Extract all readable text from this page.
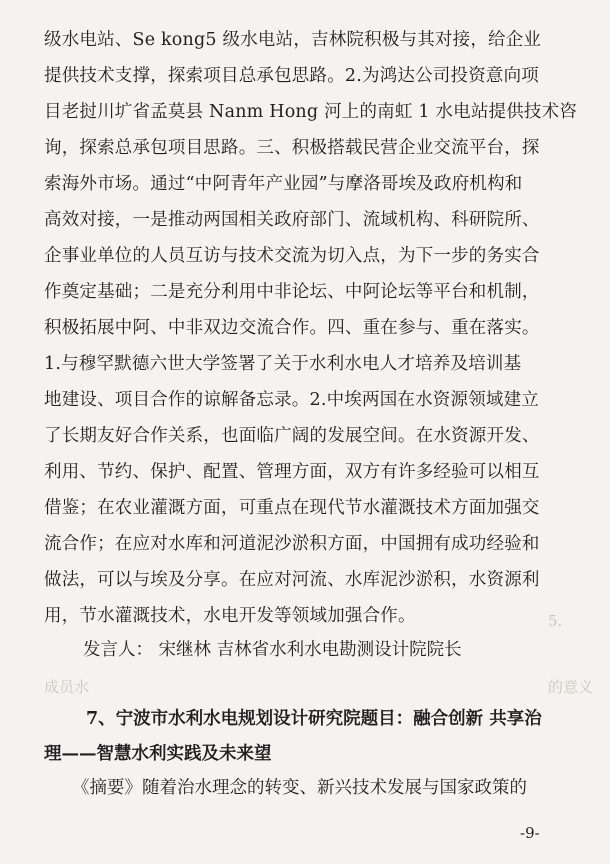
级水电站、Se kong5 级水电站，吉林院积极与其对接，给企业
提供技术支撑，探索项目总承包思路。2.为鸿达公司投资意向项
目老挝川圹省孟莫县 Nanm Hong 河上的南虹 1 水电站提供技术咨
询，探索总承包项目思路。三、积极搭载民营企业交流平台，探
索海外市场。通过“中阿青年产业园”与摩洛哥埃及政府机构和
高效对接，一是推动两国相关政府部门、流域机构、科研院所、
企事业单位的人员互访与技术交流为切入点，为下一步的务实合
作奠定基础；二是充分利用中非论坛、中阿论坛等平台和机制，
积极拓展中阿、中非双边交流合作。四、重在参与、重在落实。
1.与穆罕默德六世大学签署了关于水利水电人才培养及培训基
地建设、项目合作的谅解备忘录。2.中埃两国在水资源领域建立
了长期友好合作关系，也面临广阔的发展空间。在水资源开发、
利用、节约、保护、配置、管理方面，双方有许多经验可以相互
借鉴；在农业灌溉方面，可重点在现代节水灌溉技术方面加强交
流合作；在应对水库和河道泥沙淤积方面，中国拥有成功经验和
做法，可以与埃及分享。在应对河流、水库泥沙淤积，水资源利
用，节水灌溉技术，水电开发等领域加强合作。	5.
成员水	的意义
发言人： 宋继林 吉林省水利水电勘测设计院院长
7、宁波市水利水电规划设计研究院题目：融合创新 共享治
理——智慧水利实践及未来望
《摘要》随着治水理念的转变、新兴技术发展与国家政策的
-9-
